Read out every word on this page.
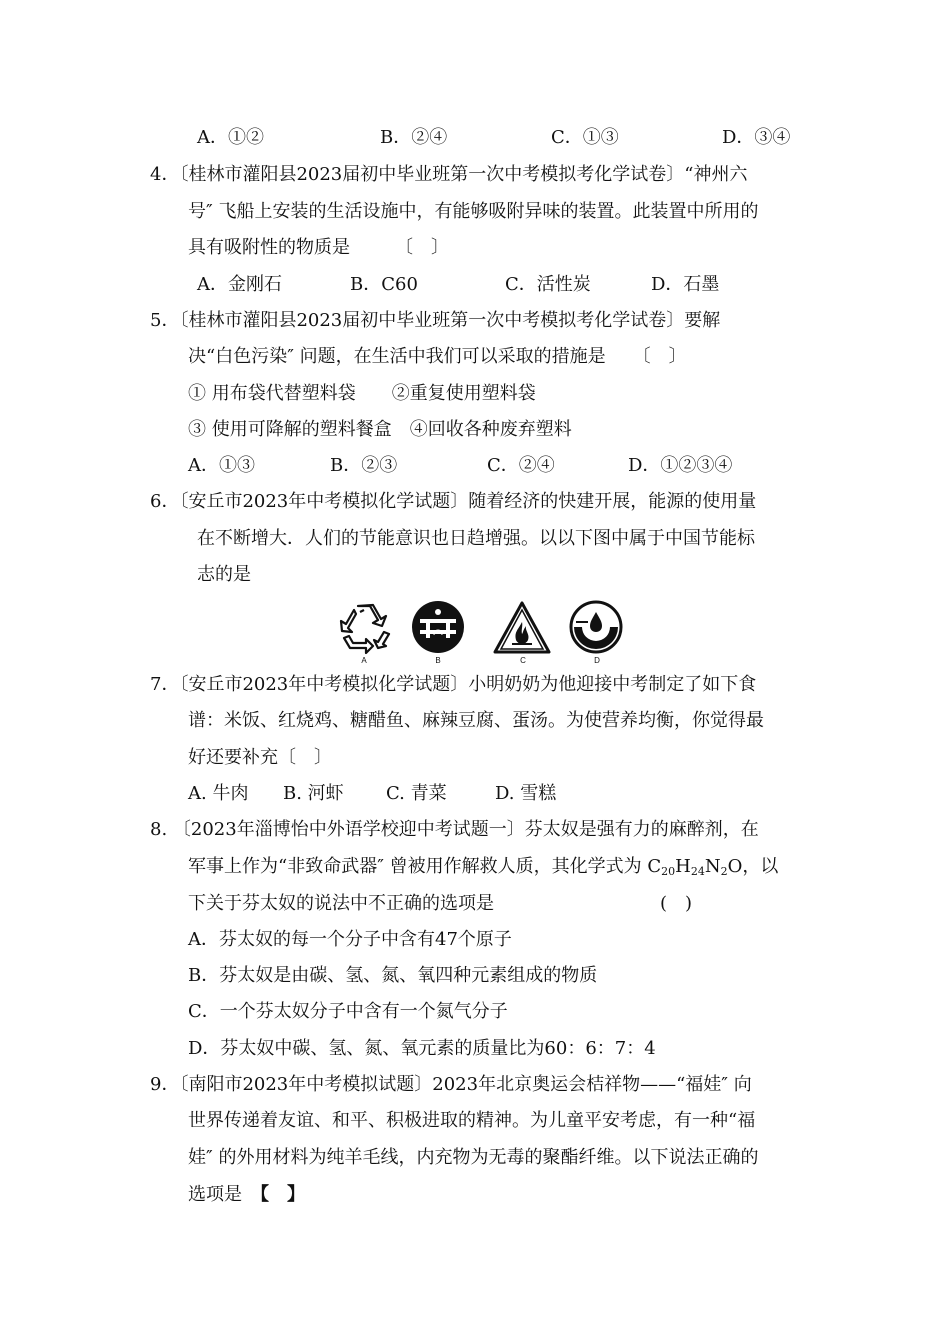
A．①②	B．②④	C．①③	D．③④
4．〔桂林市灌阳县2023届初中毕业班第一次中考模拟考化学试卷〕“神州六
号″ 飞船上安装的生活设施中，有能够吸附异味的装置。此装置中所用的
具有吸附性的物质是　　　〔　〕
A．金刚石	B．C60	C．活性炭	D．石墨
5．〔桂林市灌阳县2023届初中毕业班第一次中考模拟考化学试卷〕要解
决“白色污染″ 问题，在生活中我们可以采取的措施是　　〔　〕
① 用布袋代替塑料袋　　②重复使用塑料袋
③ 使用可降解的塑料餐盒　④回收各种废弃塑料
A．①③	B．②③	C．②④	D．①②③④
6．〔安丘市2023年中考模拟化学试题〕随着经济的快建开展，能源的使用量
在不断增大．人们的节能意识也日趋增强。以以下图中属于中国节能标
志的是
A	B	C	D
7．〔安丘市2023年中考模拟化学试题〕小明奶奶为他迎接中考制定了如下食
谱：米饭、红烧鸡、糖醋鱼、麻辣豆腐、蛋汤。为使营养均衡，你觉得最
好还要补充〔　〕
A. 牛肉 B. 河虾 C. 青菜	D. 雪糕
8. 〔2023年淄博怡中外语学校迎中考试题一〕芬太奴是强有力的麻醉剂，在
军事上作为“非致命武器″ 曾被用作解救人质，其化学式为 $C_{20}H_{24}N_2O$，以
下关于芬太奴的说法中不正确的选项是	(　)
A．芬太奴的每一个分子中含有47个原子
B．芬太奴是由碳、氢、氮、氧四种元素组成的物质
C．一个芬太奴分子中含有一个氮气分子
D．芬太奴中碳、氢、氮、氧元素的质量比为60：6：7：4
9．〔南阳市2023年中考模拟试题〕2023年北京奥运会桔祥物——“福娃″ 向
世界传递着友谊、和平、积极进取的精神。为儿童平安考虑，有一种“福
娃″ 的外用材料为纯羊毛线，内充物为无毒的聚酯纤维。以下说法正确的
选项是　【　】
